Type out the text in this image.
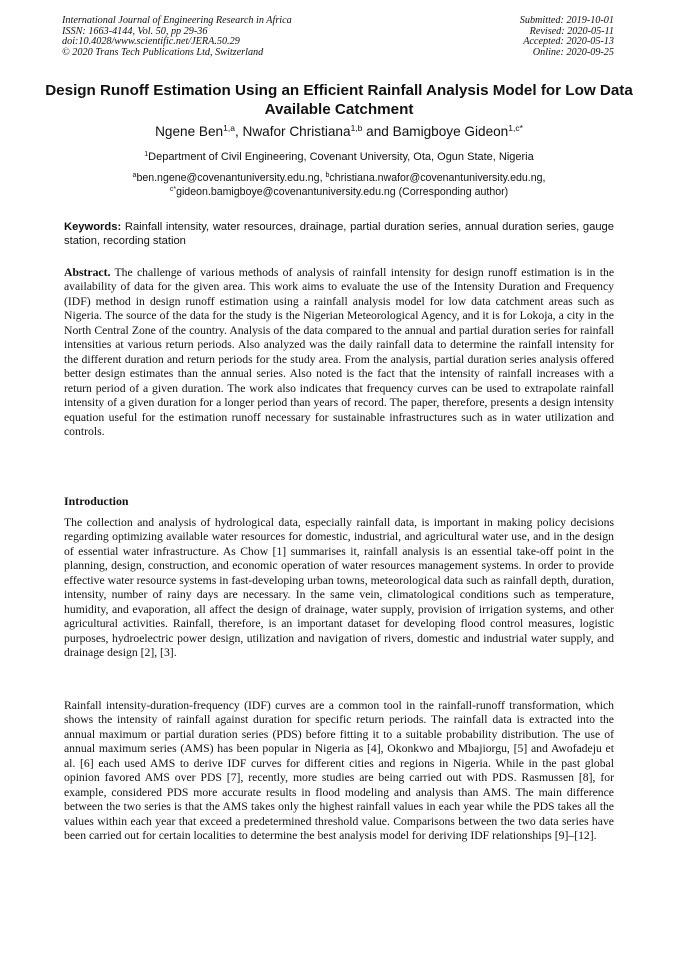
International Journal of Engineering Research in Africa
ISSN: 1663-4144, Vol. 50, pp 29-36
doi:10.4028/www.scientific.net/JERA.50.29
© 2020 Trans Tech Publications Ltd, Switzerland
Submitted: 2019-10-01
Revised: 2020-05-11
Accepted: 2020-05-13
Online: 2020-09-25
Design Runoff Estimation Using an Efficient Rainfall Analysis Model for Low Data Available Catchment
Ngene Ben$^{1,a}$, Nwafor Christiana$^{1,b}$ and Bamigboye Gideon$^{1,c*}$
$^1$Department of Civil Engineering, Covenant University, Ota, Ogun State, Nigeria
$^a$ben.ngene@covenantuniversity.edu.ng, $^b$christiana.nwafor@covenantuniversity.edu.ng,
$^{c*}$gideon.bamigboye@covenantuniversity.edu.ng (Corresponding author)
Keywords: Rainfall intensity, water resources, drainage, partial duration series, annual duration series, gauge station, recording station

Abstract. The challenge of various methods of analysis of rainfall intensity for design runoff estimation is in the availability of data for the given area. This work aims to evaluate the use of the Intensity Duration and Frequency (IDF) method in design runoff estimation using a rainfall analysis model for low data catchment areas such as Nigeria. The source of the data for the study is the Nigerian Meteorological Agency, and it is for Lokoja, a city in the North Central Zone of the country. Analysis of the data compared to the annual and partial duration series for rainfall intensities at various return periods. Also analyzed was the daily rainfall data to determine the rainfall intensity for the different duration and return periods for the study area. From the analysis, partial duration series analysis offered better design estimates than the annual series. Also noted is the fact that the intensity of rainfall increases with a return period of a given duration. The work also indicates that frequency curves can be used to extrapolate rainfall intensity of a given duration for a longer period than years of record. The paper, therefore, presents a design intensity equation useful for the estimation runoff necessary for sustainable infrastructures such as in water utilization and controls.

Introduction

The collection and analysis of hydrological data, especially rainfall data, is important in making policy decisions regarding optimizing available water resources for domestic, industrial, and agricultural water use, and in the design of essential water infrastructure. As Chow [1] summarises it, rainfall analysis is an essential take-off point in the planning, design, construction, and economic operation of water resources management systems. In order to provide effective water resource systems in fast-developing urban towns, meteorological data such as rainfall depth, duration, intensity, number of rainy days are necessary. In the same vein, climatological conditions such as temperature, humidity, and evaporation, all affect the design of drainage, water supply, provision of irrigation systems, and other agricultural activities. Rainfall, therefore, is an important dataset for developing flood control measures, logistic purposes, hydroelectric power design, utilization and navigation of rivers, domestic and industrial water supply, and drainage design [2], [3].

Rainfall intensity-duration-frequency (IDF) curves are a common tool in the rainfall-runoff transformation, which shows the intensity of rainfall against duration for specific return periods. The rainfall data is extracted into the annual maximum or partial duration series (PDS) before fitting it to a suitable probability distribution. The use of annual maximum series (AMS) has been popular in Nigeria as [4], Okonkwo and Mbajiorgu, [5] and Awofadeju et al. [6] each used AMS to derive IDF curves for different cities and regions in Nigeria. While in the past global opinion favored AMS over PDS [7], recently, more studies are being carried out with PDS. Rasmussen [8], for example, considered PDS more accurate results in flood modeling and analysis than AMS. The main difference between the two series is that the AMS takes only the highest rainfall values in each year while the PDS takes all the values within each year that exceed a predetermined threshold value. Comparisons between the two data series have been carried out for certain localities to determine the best analysis model for deriving IDF relationships [9]–[12].
